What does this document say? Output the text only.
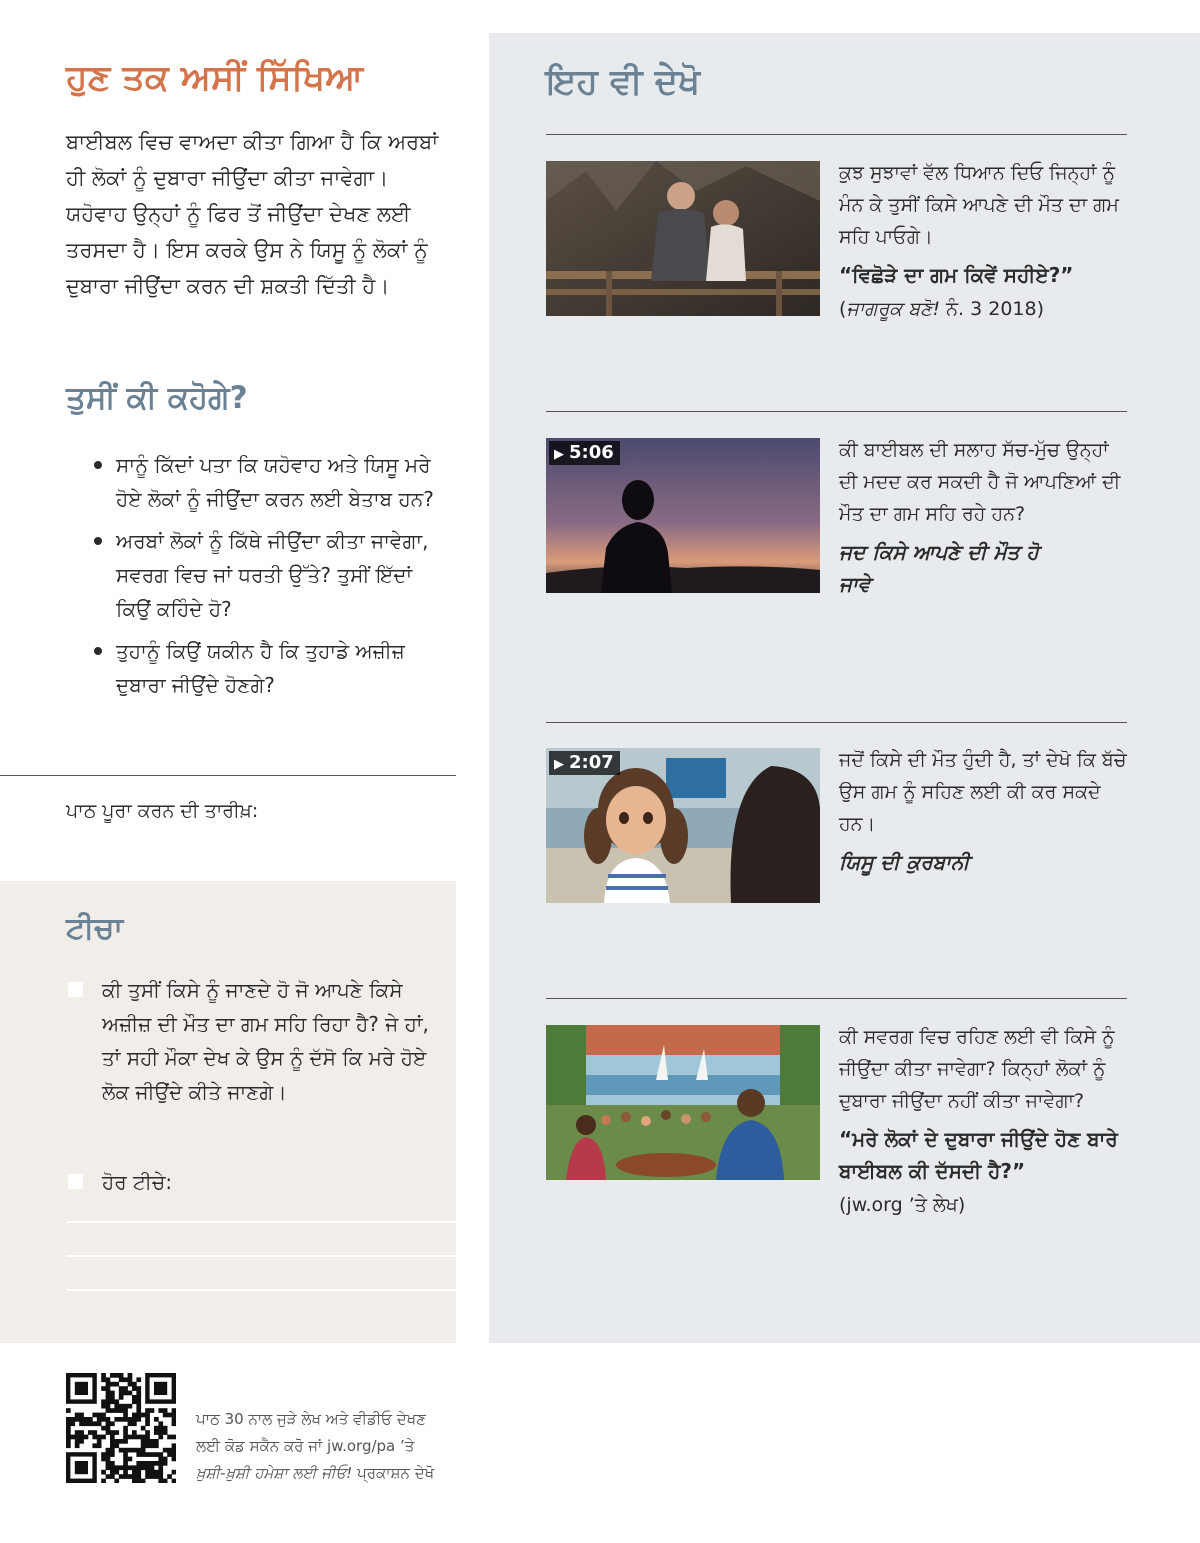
ਹੁਣ ਤਕ ਅਸੀਂ ਸਿੱਖਿਆ

ਬਾਈਬਲ ਵਿਚ ਵਾਅਦਾ ਕੀਤਾ ਗਿਆ ਹੈ ਕਿ ਅਰਬਾਂ ਹੀ ਲੋਕਾਂ ਨੂੰ ਦੁਬਾਰਾ ਜੀਉਂਦਾ ਕੀਤਾ ਜਾਵੇਗਾ। ਯਹੋਵਾਹ ਉਨ੍ਹਾਂ ਨੂੰ ਫਿਰ ਤੋਂ ਜੀਉਂਦਾ ਦੇਖਣ ਲਈ ਤਰਸਦਾ ਹੈ। ਇਸ ਕਰਕੇ ਉਸ ਨੇ ਯਿਸੂ ਨੂੰ ਲੋਕਾਂ ਨੂੰ ਦੁਬਾਰਾ ਜੀਉਂਦਾ ਕਰਨ ਦੀ ਸ਼ਕਤੀ ਦਿੱਤੀ ਹੈ।

ਤੁਸੀਂ ਕੀ ਕਹੋਗੇ?
ਸਾਨੂੰ ਕਿੱਦਾਂ ਪਤਾ ਕਿ ਯਹੋਵਾਹ ਅਤੇ ਯਿਸੂ ਮਰੇ ਹੋਏ ਲੋਕਾਂ ਨੂੰ ਜੀਉਂਦਾ ਕਰਨ ਲਈ ਬੇਤਾਬ ਹਨ?
ਅਰਬਾਂ ਲੋਕਾਂ ਨੂੰ ਕਿੱਥੇ ਜੀਉਂਦਾ ਕੀਤਾ ਜਾਵੇਗਾ, ਸਵਰਗ ਵਿਚ ਜਾਂ ਧਰਤੀ ਉੱਤੇ? ਤੁਸੀਂ ਇੱਦਾਂ ਕਿਉਂ ਕਹਿੰਦੇ ਹੋ?
ਤੁਹਾਨੂੰ ਕਿਉਂ ਯਕੀਨ ਹੈ ਕਿ ਤੁਹਾਡੇ ਅਜ਼ੀਜ਼ ਦੁਬਾਰਾ ਜੀਉਂਦੇ ਹੋਣਗੇ?
ਪਾਠ ਪੂਰਾ ਕਰਨ ਦੀ ਤਾਰੀਖ਼:
ਟੀਚਾ
ਕੀ ਤੁਸੀਂ ਕਿਸੇ ਨੂੰ ਜਾਣਦੇ ਹੋ ਜੋ ਆਪਣੇ ਕਿਸੇ ਅਜ਼ੀਜ਼ ਦੀ ਮੌਤ ਦਾ ਗਮ ਸਹਿ ਰਿਹਾ ਹੈ? ਜੇ ਹਾਂ, ਤਾਂ ਸਹੀ ਮੌਕਾ ਦੇਖ ਕੇ ਉਸ ਨੂੰ ਦੱਸੋ ਕਿ ਮਰੇ ਹੋਏ ਲੋਕ ਜੀਉਂਦੇ ਕੀਤੇ ਜਾਣਗੇ।
ਹੋਰ ਟੀਚੇ:
ਇਹ ਵੀ ਦੇਖੋ

ਕੁਝ ਸੁਝਾਵਾਂ ਵੱਲ ਧਿਆਨ ਦਿਓ ਜਿਨ੍ਹਾਂ ਨੂੰ ਮੰਨ ਕੇ ਤੁਸੀਂ ਕਿਸੇ ਆਪਣੇ ਦੀ ਮੌਤ ਦਾ ਗਮ ਸਹਿ ਪਾਓਗੇ।

“ਵਿਛੋੜੇ ਦਾ ਗਮ ਕਿਵੇਂ ਸਹੀਏ?”

(ਜਾਗਰੂਕ ਬਣੋ! ਨੰ. 3 2018)

▶ 5:06	ਕੀ ਬਾਈਬਲ ਦੀ ਸਲਾਹ ਸੱਚ-ਮੁੱਚ ਉਨ੍ਹਾਂ ਦੀ ਮਦਦ ਕਰ ਸਕਦੀ ਹੈ ਜੋ ਆਪਣਿਆਂ ਦੀ ਮੌਤ ਦਾ ਗਮ ਸਹਿ ਰਹੇ ਹਨ?

ਜਦ ਕਿਸੇ ਆਪਣੇ ਦੀ ਮੌਤ ਹੋ ਜਾਵੇ

▶ 2:07	ਜਦੋਂ ਕਿਸੇ ਦੀ ਮੌਤ ਹੁੰਦੀ ਹੈ, ਤਾਂ ਦੇਖੋ ਕਿ ਬੱਚੇ ਉਸ ਗਮ ਨੂੰ ਸਹਿਣ ਲਈ ਕੀ ਕਰ ਸਕਦੇ ਹਨ।

ਯਿਸੂ ਦੀ ਕੁਰਬਾਨੀ

ਕੀ ਸਵਰਗ ਵਿਚ ਰਹਿਣ ਲਈ ਵੀ ਕਿਸੇ ਨੂੰ ਜੀਉਂਦਾ ਕੀਤਾ ਜਾਵੇਗਾ? ਕਿਨ੍ਹਾਂ ਲੋਕਾਂ ਨੂੰ ਦੁਬਾਰਾ ਜੀਉਂਦਾ ਨਹੀਂ ਕੀਤਾ ਜਾਵੇਗਾ?

“ਮਰੇ ਲੋਕਾਂ ਦੇ ਦੁਬਾਰਾ ਜੀਉਂਦੇ ਹੋਣ ਬਾਰੇ ਬਾਈਬਲ ਕੀ ਦੱਸਦੀ ਹੈ?”

(jw.org ’ਤੇ ਲੇਖ)

ਪਾਠ 30 ਨਾਲ ਜੁੜੇ ਲੇਖ ਅਤੇ ਵੀਡੀਓ ਦੇਖਣ
ਲਈ ਕੋਡ ਸਕੈਨ ਕਰੋ ਜਾਂ jw.org/pa ’ਤੇ
ਖ਼ੁਸ਼ੀ-ਖ਼ੁਸ਼ੀ ਹਮੇਸ਼ਾ ਲਈ ਜੀਓ! ਪ੍ਰਕਾਸ਼ਨ ਦੇਖੋ
